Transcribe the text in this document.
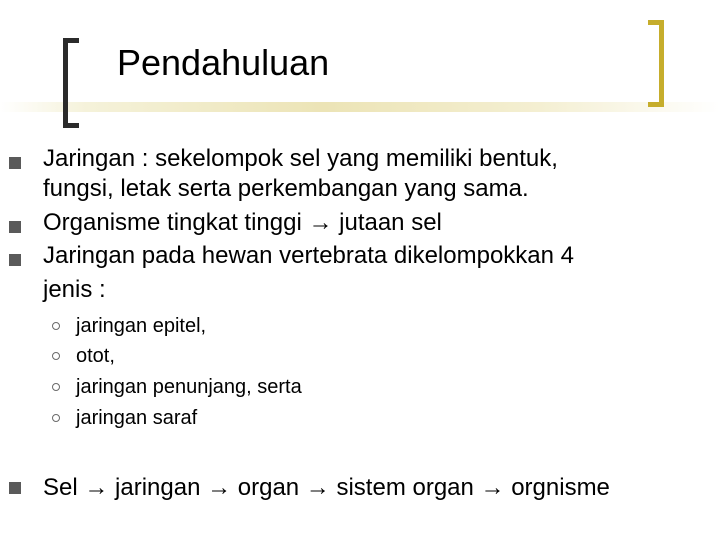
Pendahuluan
Jaringan : sekelompok sel yang memiliki bentuk,
fungsi, letak serta perkembangan yang sama.
Organisme tingkat tinggi → jutaan sel
Jaringan pada hewan vertebrata dikelompokkan 4
jenis :
jaringan epitel,
otot,
jaringan penunjang, serta
jaringan saraf
Sel → jaringan → organ → sistem organ → orgnisme
